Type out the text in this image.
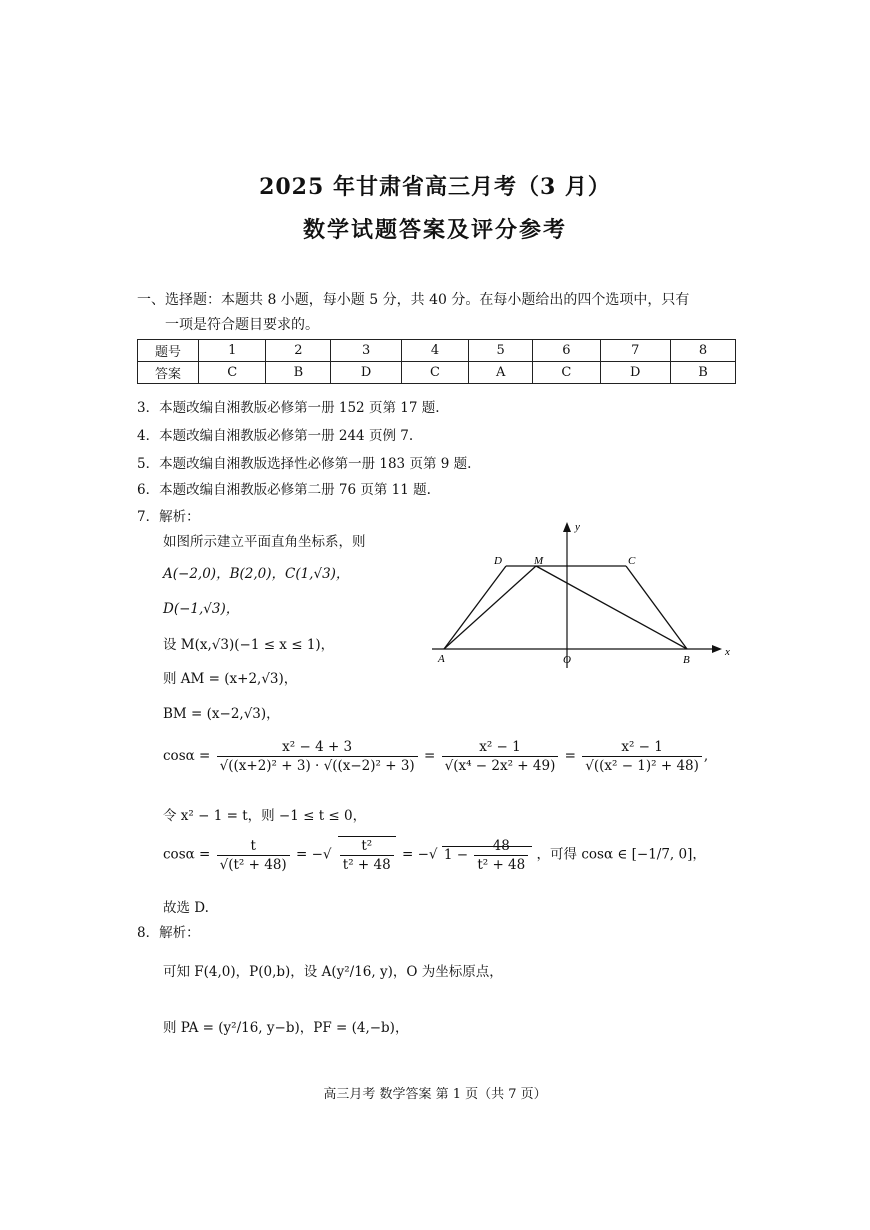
2025 年甘肃省高三月考（3 月）
数学试题答案及评分参考
一、选择题：本题共 8 小题，每小题 5 分，共 40 分。在每小题给出的四个选项中，只有
一项是符合题目要求的。
题号	1	2	3	4	5	6	7	8
答案	C	B	D	C	A	C	D	B
3．本题改编自湘教版必修第一册 152 页第 17 题.
4．本题改编自湘教版必修第一册 244 页例 7.
5．本题改编自湘教版选择性必修第一册 183 页第 9 题.
6．本题改编自湘教版必修第二册 76 页第 11 题.
7．解析：
如图所示建立平面直角坐标系，则
A(−2,0)，B(2,0)，C(1,√3)，
D(−1,√3)，
设 M(x,√3)(−1 ≤ x ≤ 1)，
则 AM = (x+2,√3)，
BM = (x−2,√3)，
$\cos\alpha = \frac{\text{x² − 4 + 3}}{\text{√((x+2)² + 3) · √((x−2)² + 3)}} = \frac{\text{x² − 1}}{\text{√(x⁴ − 2x² + 49)}} = \frac{\text{x² − 1}}{\text{√((x² − 1)² + 48)}}$ ,
令 x² − 1 = t，则 −1 ≤ t ≤ 0，
$\cos\alpha = \frac{t}{\text{√(t² + 48)}}$ = −√ $\frac{\text{t²}}{\text{t² + 48}}$ = −√ $1 - \frac{48}{\text{t² + 48}}$ ，可得 cosα ∈ [−1/7, 0]，
故选 D.
8．解析：
可知 F(4,0)，P(0,b)，设 A(y²/16, y)，O 为坐标原点，
则 PA = (y²/16, y−b)，PF = (4,−b)，
高三月考 数学答案 第 1 页（共 7 页）
y
x
D	M	C
A	O	B
